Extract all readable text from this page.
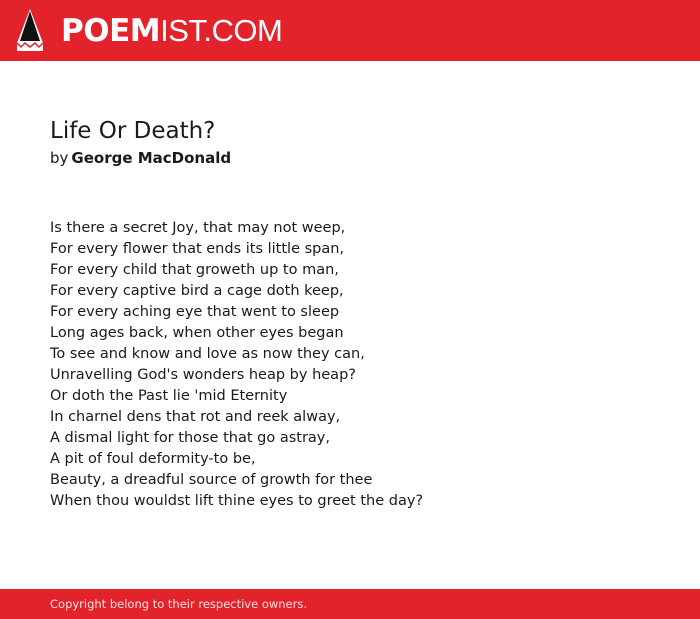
POEMIST.COM
Life Or Death?
by George MacDonald
Is there a secret Joy, that may not weep,
For every flower that ends its little span,
For every child that groweth up to man,
For every captive bird a cage doth keep,
For every aching eye that went to sleep
Long ages back, when other eyes began
To see and know and love as now they can,
Unravelling God's wonders heap by heap?
Or doth the Past lie 'mid Eternity
In charnel dens that rot and reek alway,
A dismal light for those that go astray,
A pit of foul deformity-to be,
Beauty, a dreadful source of growth for thee
When thou wouldst lift thine eyes to greet the day?
Copyright belong to their respective owners.
